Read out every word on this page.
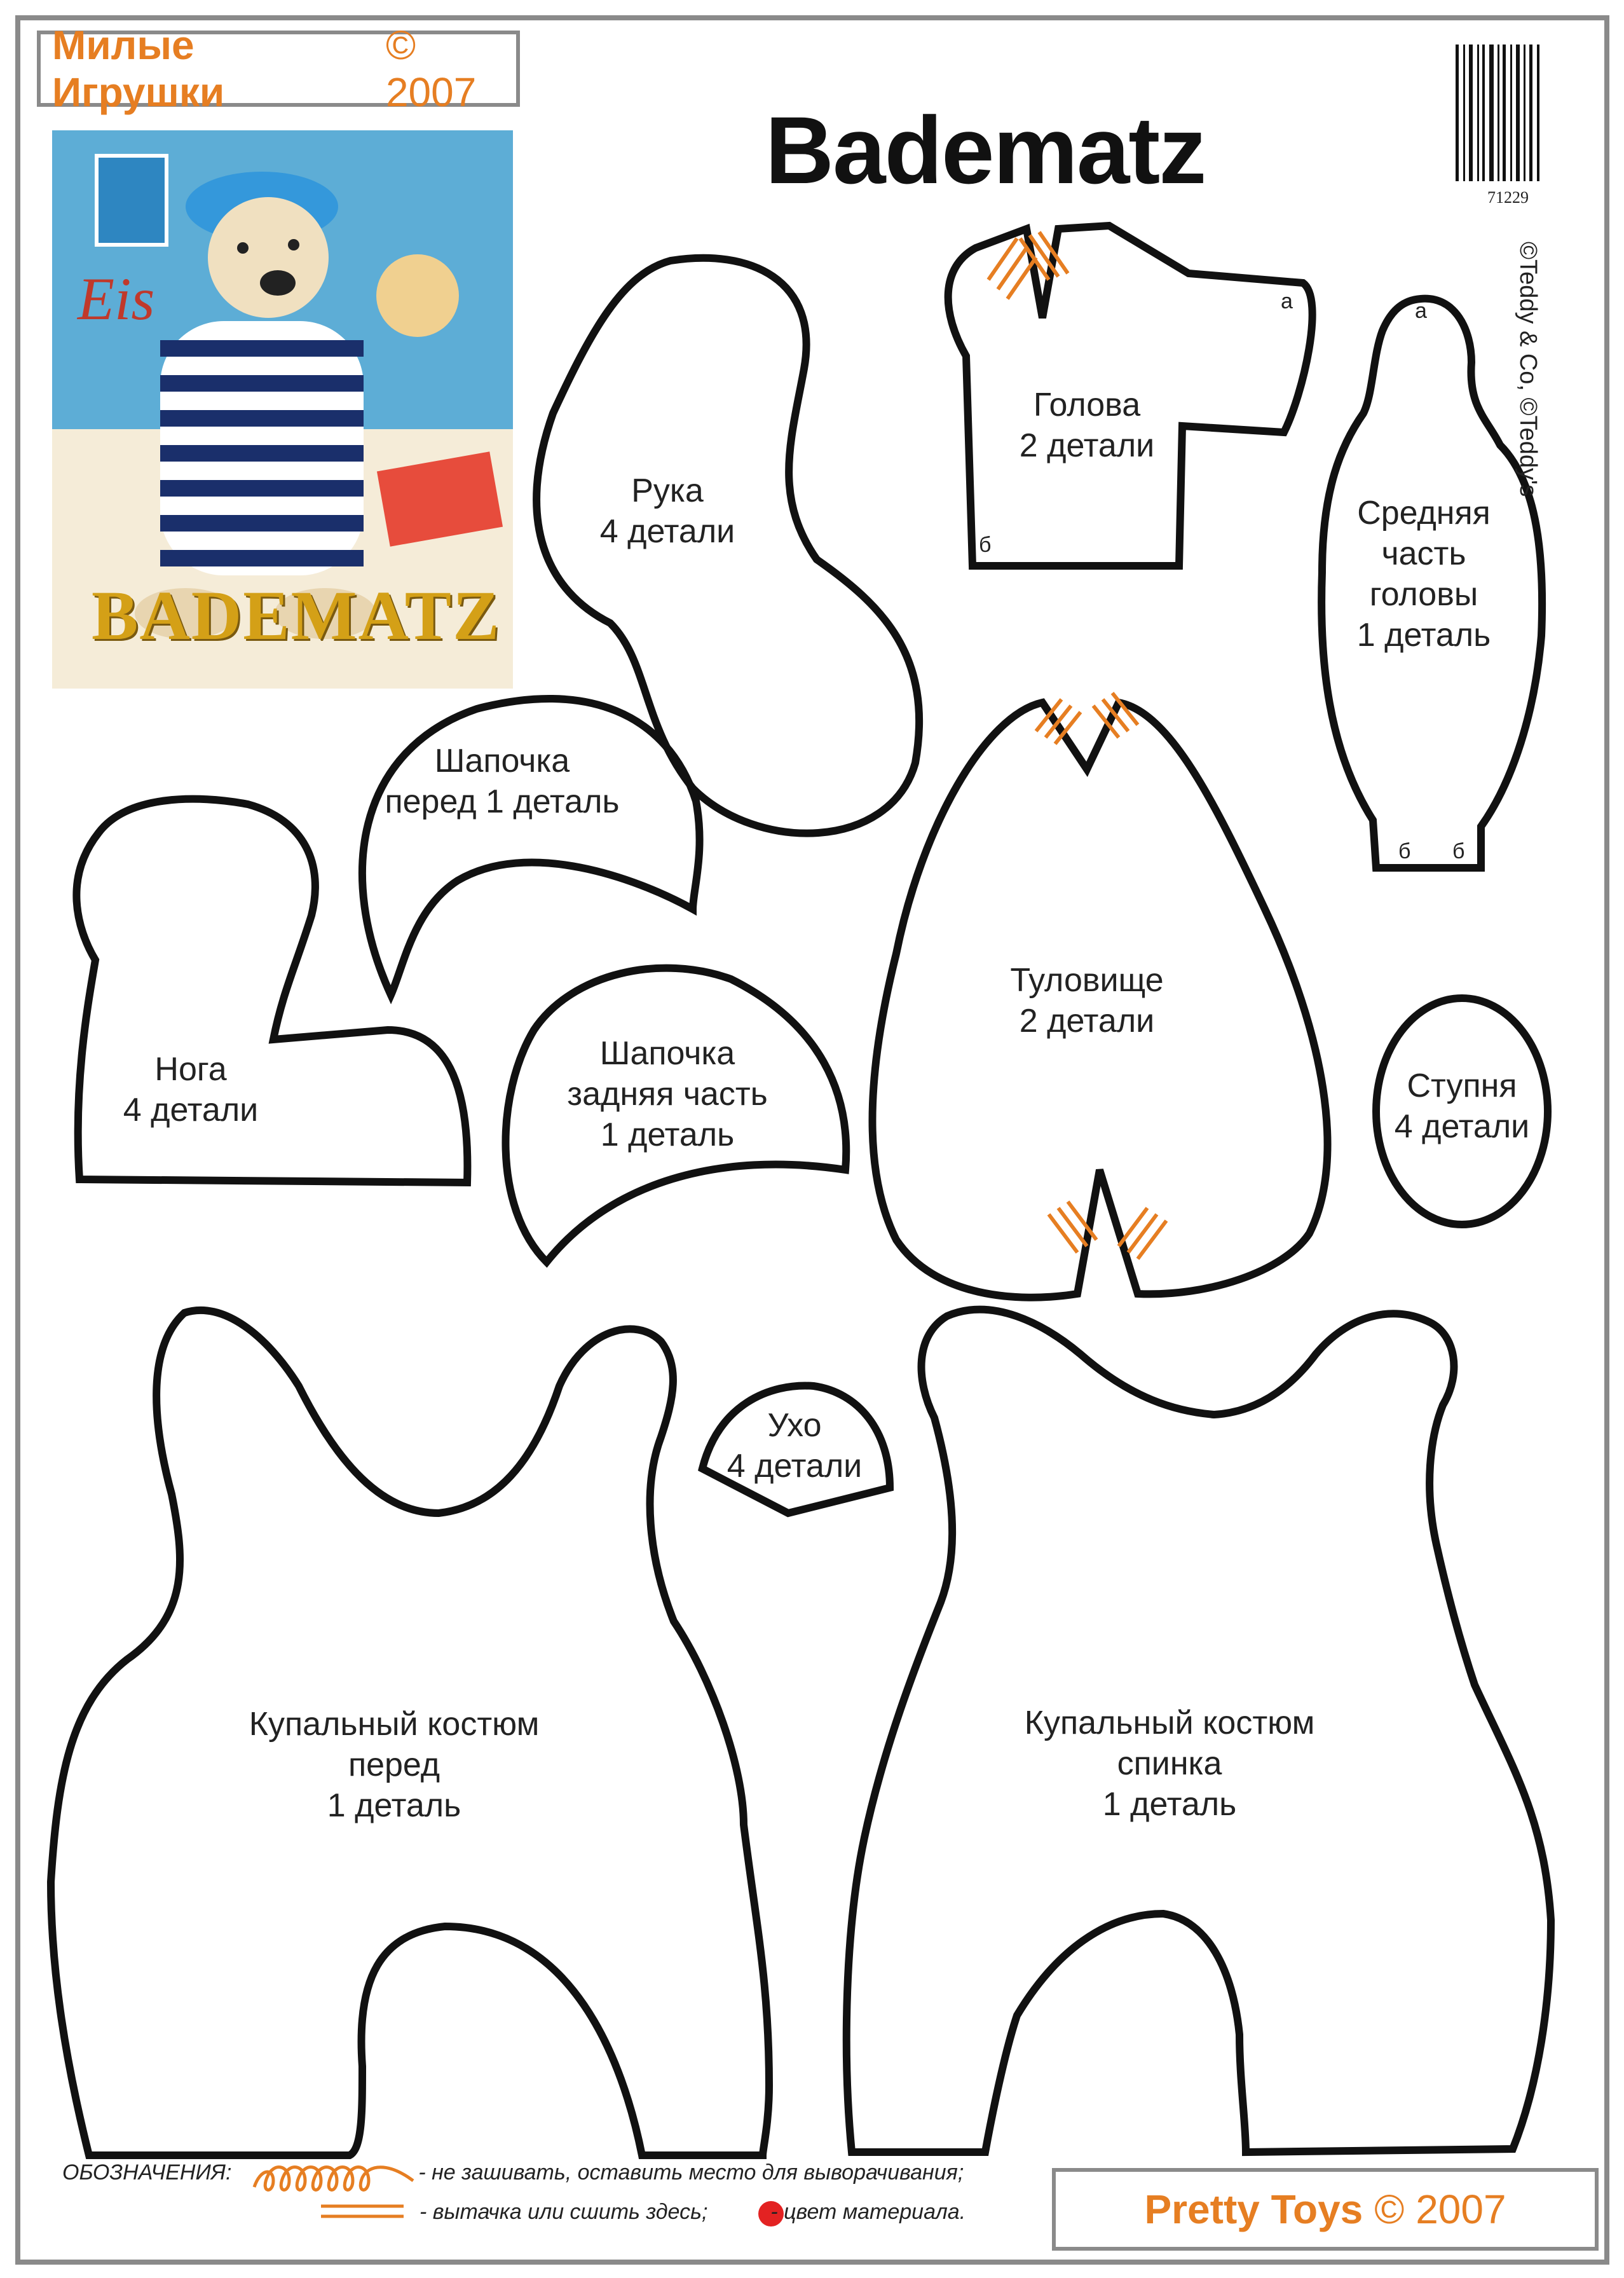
Милые Игрушки
© 2007
Badematz	71229
Eis
BADEMATZ
©Teddy & Co, ©Teddy's
Рука
4 детали
Голова
2 детали
а
б
Средняя
часть
головы
1 деталь
а
б б
Шапочка
перед 1 деталь
Нога
4 детали
Шапочка
задняя часть
1 деталь
Туловище
2 детали
Ступня
4 детали
Ухо
4 детали
Купальный костюм
перед
1 деталь
Купальный костюм
спинка
1 деталь
ОБОЗНАЧЕНИЯ:	- не зашивать, оставить место для выворачивания;
- вытачка или сшить здесь;	- цвет материала.	Pretty Toys © 2007
